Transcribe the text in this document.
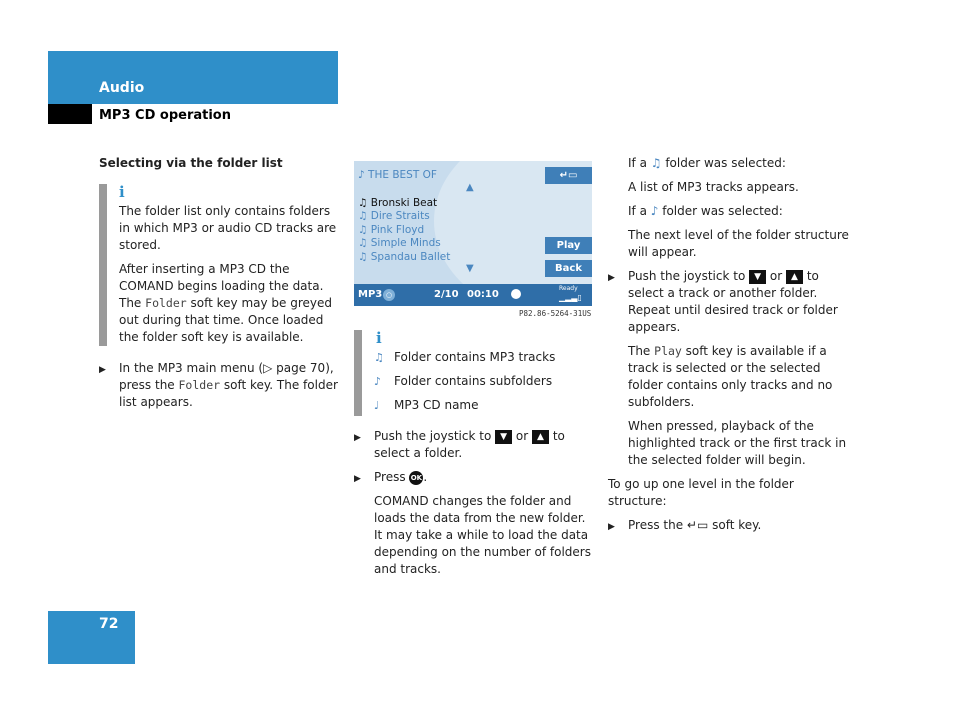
Audio
MP3 CD operation
Selecting via the folder list
i

The folder list only contains folders in which MP3 or audio CD tracks are stored.

After inserting a MP3 CD the COMAND begins loading the data. The Folder soft key may be greyed out during that time. Once loaded the folder soft key is available.

▶ In the MP3 main menu (▷ page 70), press the Folder soft key. The folder list appears.
♪ THE BEST OF
♫ Bronski Beat
♫ Dire Straits
♫ Pink Floyd
♫ Simple Minds
♫ Spandau Ballet
▲
▼
↵▭
Play
Back
MP3 ○	2/10 00:10
Ready
▁▂▃▯
P82.86-5264-31US
i
♫ Folder contains MP3 tracks
♪	Folder contains subfolders
♩	MP3 CD name
▶ Push the joystick to ▼ or ▲ to select a folder.
▶ Press OK.

COMAND changes the folder and loads the data from the new folder. It may take a while to load the data depending on the number of folders and tracks.

If a ♫ folder was selected:

A list of MP3 tracks appears.

If a ♪ folder was selected:

The next level of the folder structure will appear.

▶ Push the joystick to ▼ or ▲ to select a track or another folder. Repeat until desired track or folder appears.

The Play soft key is available if a track is selected or the selected folder contains only tracks and no subfolders.

When pressed, playback of the highlighted track or the first track in the selected folder will begin.

To go up one level in the folder structure:

▶ Press the ↵▭ soft key.
72
